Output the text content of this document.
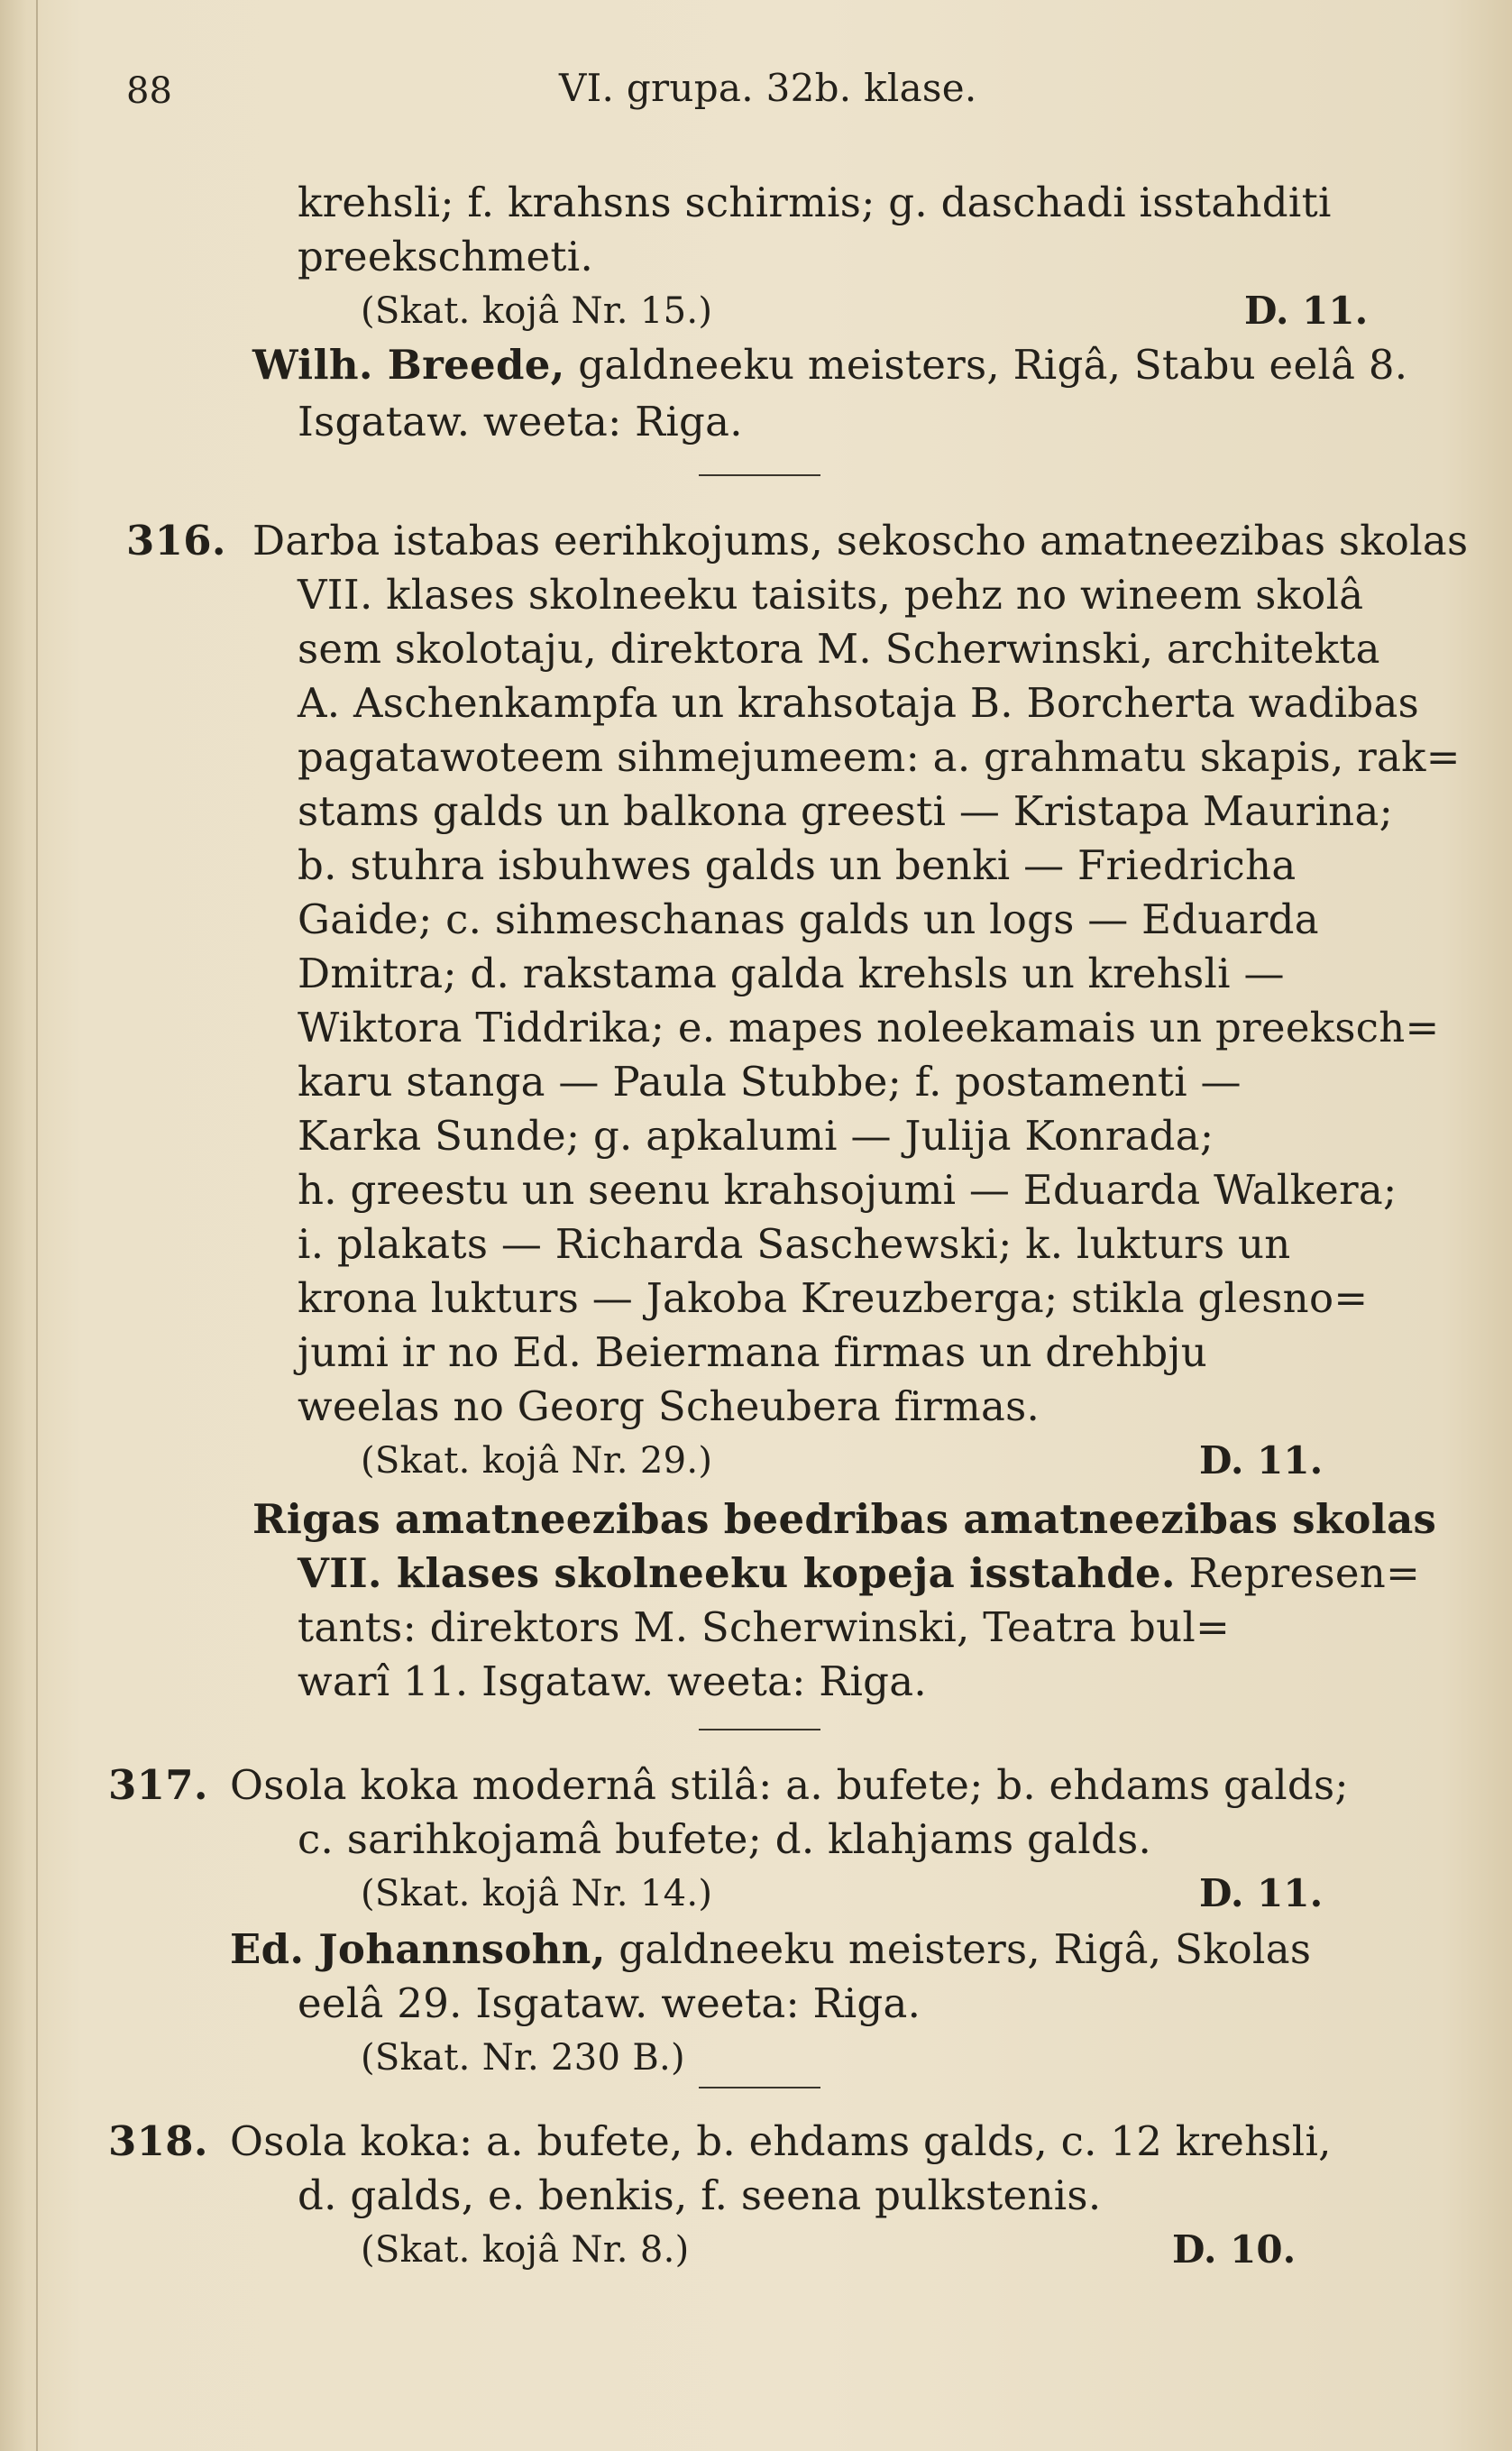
88	VI. grupa. 32b. klase.
krehsli; f. krahsns schirmis; g. daschadi isstahditi
preekschmeti.
(Skat. kojâ Nr. 15.)	D. 11.
Wilh. Breede, galdneeku meisters, Rigâ, Stabu eelâ 8.
Isgataw. weeta: Riga.
316. Darba istabas eerihkojums, sekoscho amatneezibas skolas
VII. klases skolneeku taisits, pehz no wineem skolâ
sem skolotaju, direktora M. Scherwinski, architekta
A. Aschenkampfa un krahsotaja B. Borcherta wadibas
pagatawoteem sihmejumeem: a. grahmatu skapis, rak=
stams galds un balkona greesti — Kristapa Maurina;
b. stuhra isbuhwes galds un benki — Friedricha
Gaide; c. sihmeschanas galds un logs — Eduarda
Dmitra; d. rakstama galda krehsls un krehsli —
Wiktora Tiddrika; e. mapes noleekamais un preeksch=
karu stanga — Paula Stubbe; f. postamenti —
Karka Sunde; g. apkalumi — Julija Konrada;
h. greestu un seenu krahsojumi — Eduarda Walkera;
i. plakats — Richarda Saschewski; k. lukturs un
krona lukturs — Jakoba Kreuzberga; stikla glesno=
jumi ir no Ed. Beiermana firmas un drehbju
weelas no Georg Scheubera firmas.
(Skat. kojâ Nr. 29.)	D. 11.
Rigas amatneezibas beedribas amatneezibas skolas
VII. klases skolneeku kopeja isstahde. Represen=
tants: direktors M. Scherwinski, Teatra bul=
warî 11. Isgataw. weeta: Riga.
317. Osola koka modernâ stilâ: a. bufete; b. ehdams galds;
c. sarihkojamâ bufete; d. klahjams galds.
(Skat. kojâ Nr. 14.)	D. 11.
Ed. Johannsohn, galdneeku meisters, Rigâ, Skolas
eelâ 29. Isgataw. weeta: Riga.
(Skat. Nr. 230 B.)
318. Osola koka: a. bufete, b. ehdams galds, c. 12 krehsli,
d. galds, e. benkis, f. seena pulkstenis.
(Skat. kojâ Nr. 8.)	D. 10.
